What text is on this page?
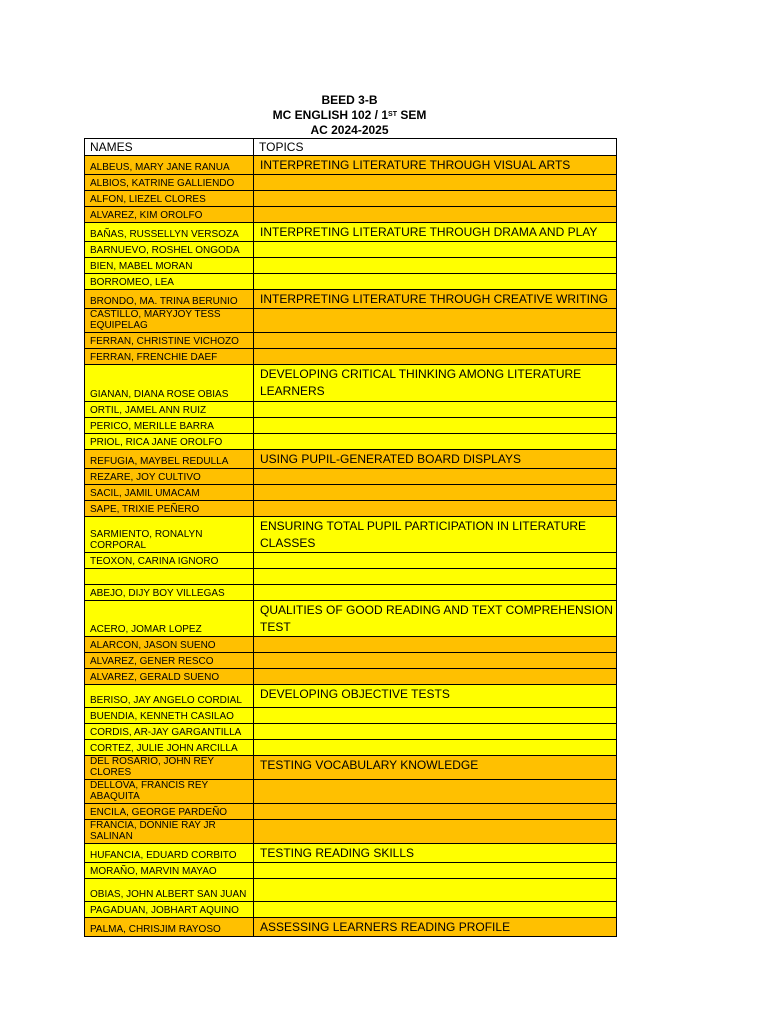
BEED 3-B
MC ENGLISH 102 / 1ST SEM
AC 2024-2025
NAMES	TOPICS
ALBEUS, MARY JANE RANUA	INTERPRETING LITERATURE THROUGH VISUAL ARTS
ALBIOS, KATRINE GALLIENDO	
ALFON, LIEZEL CLORES	
ALVAREZ, KIM OROLFO	
BAÑAS, RUSSELLYN VERSOZA	INTERPRETING LITERATURE THROUGH DRAMA AND PLAY
BARNUEVO, ROSHEL ONGODA	
BIEN, MABEL MORAN	
BORROMEO, LEA	
BRONDO, MA. TRINA BERUNIO	INTERPRETING LITERATURE THROUGH CREATIVE WRITING
CASTILLO, MARYJOY TESS EQUIPELAG	
FERRAN, CHRISTINE VICHOZO	
FERRAN, FRENCHIE DAEF	
GIANAN, DIANA ROSE OBIAS	DEVELOPING CRITICAL THINKING AMONG LITERATURE LEARNERS
ORTIL, JAMEL ANN RUIZ	
PERICO, MERILLE BARRA	
PRIOL, RICA JANE OROLFO	
REFUGIA, MAYBEL REDULLA	USING PUPIL-GENERATED BOARD DISPLAYS
REZARE, JOY CULTIVO	
SACIL, JAMIL UMACAM	
SAPE, TRIXIE PEÑERO	
SARMIENTO, RONALYN CORPORAL	ENSURING TOTAL PUPIL PARTICIPATION IN LITERATURE CLASSES
TEOXON, CARINA IGNORO	

ABEJO, DIJY BOY VILLEGAS	
ACERO, JOMAR LOPEZ	QUALITIES OF GOOD READING AND TEXT COMPREHENSION TEST
ALARCON, JASON SUENO	
ALVAREZ, GENER RESCO	
ALVAREZ, GERALD SUENO	
BERISO, JAY ANGELO CORDIAL	DEVELOPING OBJECTIVE TESTS
BUENDIA, KENNETH CASILAO	
CORDIS, AR-JAY GARGANTILLA	
CORTEZ, JULIE JOHN ARCILLA	
DEL ROSARIO, JOHN REY CLORES	TESTING VOCABULARY KNOWLEDGE
DELLOVA, FRANCIS REY ABAQUITA	
ENCILA, GEORGE PARDEÑO	
FRANCIA, DONNIE RAY JR SALINAN	
HUFANCIA, EDUARD CORBITO	TESTING READING SKILLS
MORAÑO, MARVIN MAYAO	
OBIAS, JOHN ALBERT SAN JUAN	
PAGADUAN, JOBHART AQUINO	
PALMA, CHRISJIM RAYOSO	ASSESSING LEARNERS READING PROFILE
